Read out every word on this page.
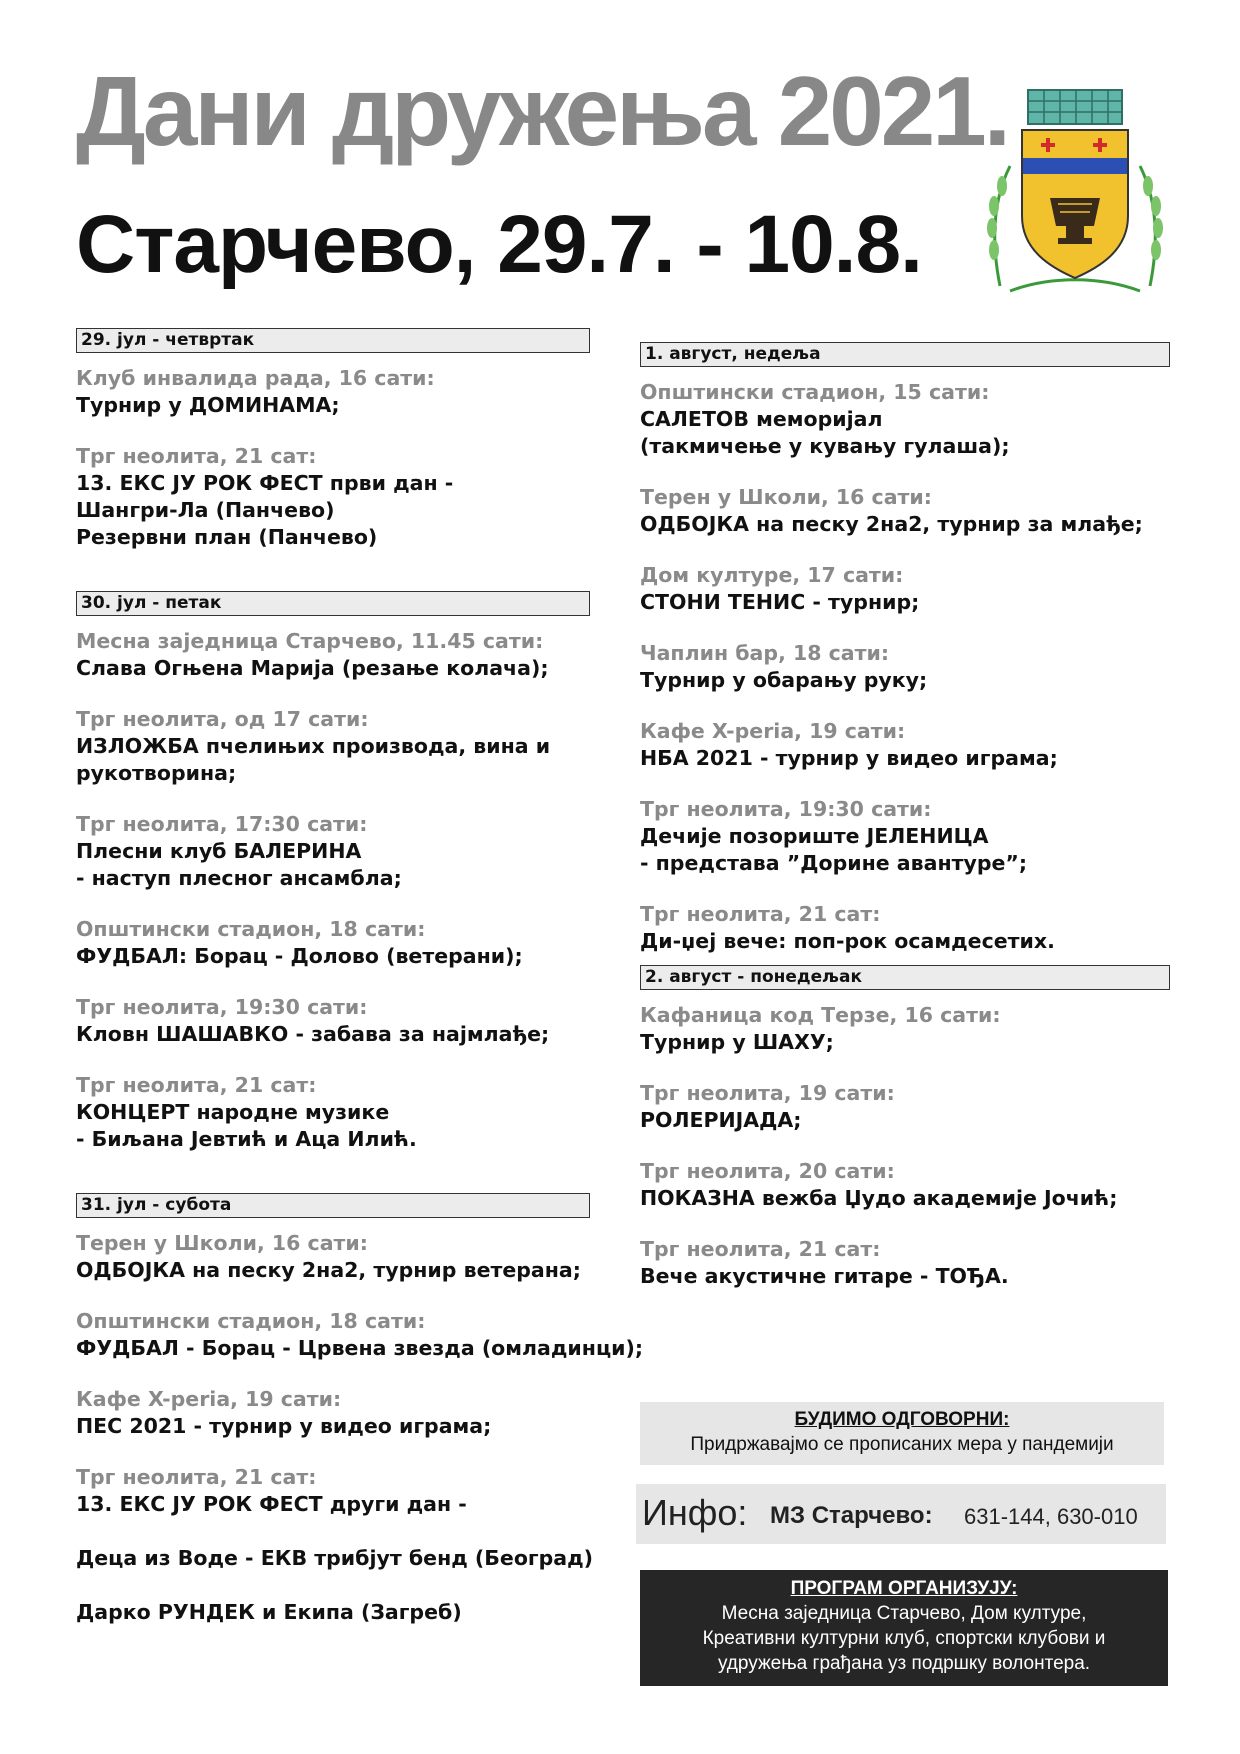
Дани дружења 2021.
Старчево, 29.7. - 10.8.
29. јул - четвртак
Клуб инвалида рада, 16 сати:
Турнир у ДОМИНАМА;
Трг неолита, 21 сат:
13. ЕКС ЈУ РОК ФЕСТ први дан -
Шангри-Ла (Панчево)
Резервни план (Панчево)
30. јул - петак
Месна заједница Старчево, 11.45 сати:
Слава Огњена Марија (резање колача);
Трг неолита, од 17 сати:
ИЗЛОЖБА пчелињих производа, вина и
рукотворина;
Трг неолита, 17:30 сати:
Плесни клуб БАЛЕРИНА
- наступ плесног ансамбла;
Општински стадион, 18 сати:
ФУДБАЛ: Борац - Долово (ветерани);
Трг неолита, 19:30 сати:
Кловн ШАШАВКО - забава за најмлађе;
Трг неолита, 21 сат:
КОНЦЕРТ народне музике
- Биљана Јевтић и Аца Илић.
31. јул - субота
Терен у Школи, 16 сати:
ОДБОЈКА на песку 2на2, турнир ветерана;
Општински стадион, 18 сати:
ФУДБАЛ - Борац - Црвена звезда (омладинци);
Кафе X-peria, 19 сати:
ПЕС 2021 - турнир у видео играма;
Трг неолита, 21 сат:
13. ЕКС ЈУ РОК ФЕСТ други дан -
Деца из Воде - ЕКВ трибјут бенд (Београд)
Дарко РУНДЕК и Екипа (Загреб)
1. август, недеља
Општински стадион, 15 сати:
САЛЕТОВ меморијал
(такмичење у кувању гулаша);
Терен у Школи, 16 сати:
ОДБОЈКА на песку 2на2, турнир за млађе;
Дом културе, 17 сати:
СТОНИ ТЕНИС - турнир;
Чаплин бар, 18 сати:
Турнир у обарању руку;
Кафе X-peria, 19 сати:
НБА 2021 - турнир у видео играма;
Трг неолита, 19:30 сати:
Дечије позориште ЈЕЛЕНИЦА
- представа ”Дорине авантуре”;
Трг неолита, 21 сат:
Ди-џеј вече: поп-рок осамдесетих.
2. август - понедељак
Кафаница код Терзе, 16 сати:
Турнир у ШАХУ;
Трг неолита, 19 сати:
РОЛЕРИЈАДА;
Трг неолита, 20 сати:
ПОКАЗНА вежба Џудо академије Јочић;
Трг неолита, 21 сат:
Вече акустичне гитаре - ТОЂА.
БУДИМО ОДГОВОРНИ:
Придржавајмо се прописаних мера у пандемији
Инфо: МЗ Старчево: 631-144, 630-010
ПРОГРАМ ОРГАНИЗУЈУ:
Месна заједница Старчево, Дом културе,
Креативни културни клуб, спортски клубови и
удружења грађана уз подршку волонтера.
